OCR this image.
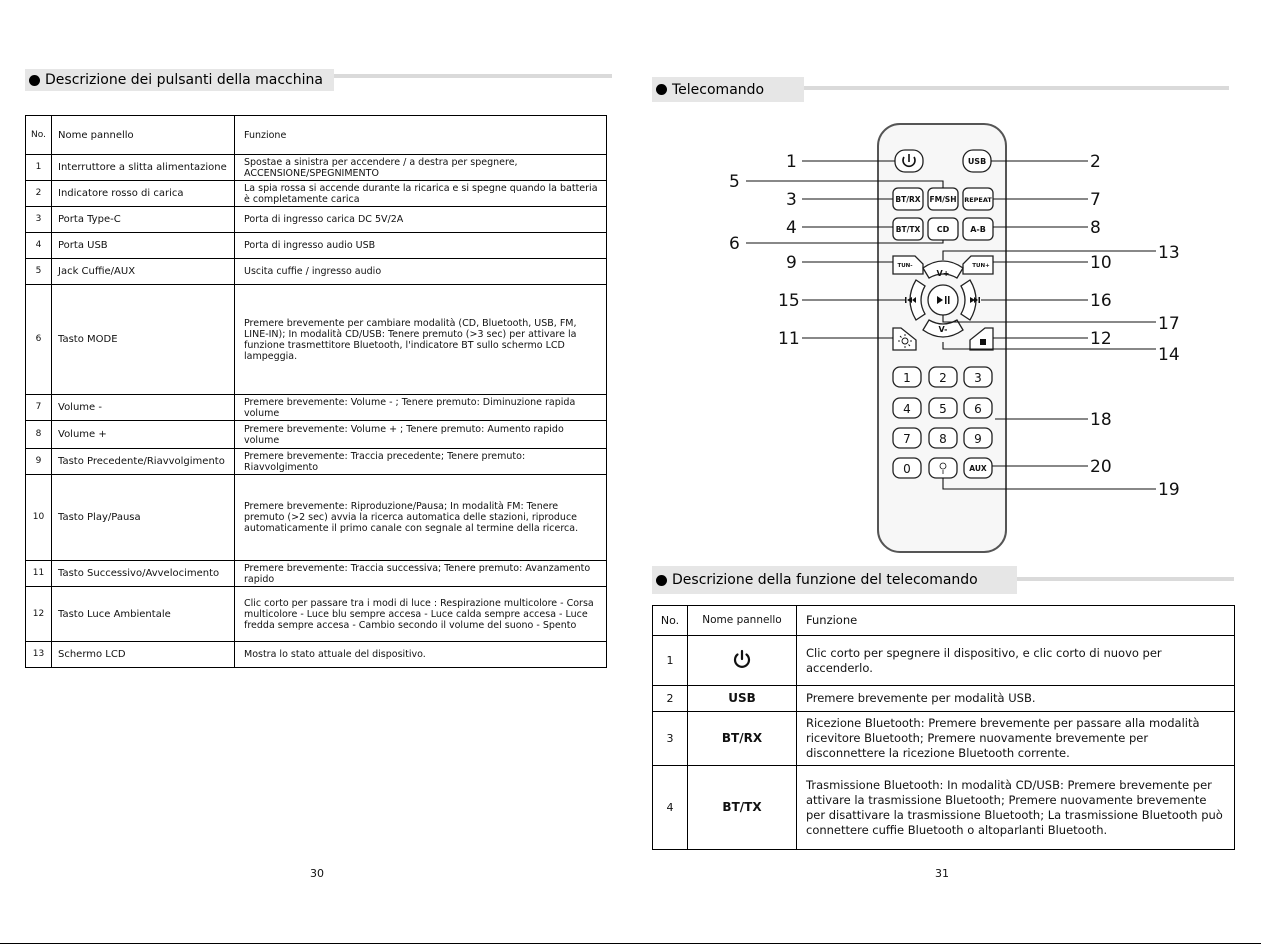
Descrizione dei pulsanti della macchina
No.	Nome pannello	Funzione
1	Interruttore a slitta alimentazione	Spostae a sinistra per accendere / a destra per spegnere, ACCENSIONE/SPEGNIMENTO
2	Indicatore rosso di carica	La spia rossa si accende durante la ricarica e si spegne quando la batteria è completamente carica
3	Porta Type-C	Porta di ingresso carica DC 5V/2A
4	Porta USB	Porta di ingresso audio USB
5	Jack Cuffie/AUX	Uscita cuffie / ingresso audio
6	Tasto MODE	Premere brevemente per cambiare modalità (CD, Bluetooth, USB, FM, LINE-IN); In modalità CD/USB: Tenere premuto (>3 sec) per attivare la funzione trasmettitore Bluetooth, l'indicatore BT sullo schermo LCD lampeggia.
7	Volume -	Premere brevemente: Volume - ; Tenere premuto: Diminuzione rapida volume
8	Volume +	Premere brevemente: Volume + ; Tenere premuto: Aumento rapido volume
9	Tasto Precedente/Riavvolgimento	Premere brevemente: Traccia precedente; Tenere premuto: Riavvolgimento
10	Tasto Play/Pausa	Premere brevemente: Riproduzione/Pausa; In modalità FM: Tenere premuto (>2 sec) avvia la ricerca automatica delle stazioni, riproduce automaticamente il primo canale con segnale al termine della ricerca.
11	Tasto Successivo/Avvelocimento	Premere brevemente: Traccia successiva; Tenere premuto: Avanzamento rapido
12	Tasto Luce Ambientale	Clic corto per passare tra i modi di luce : Respirazione multicolore - Corsa multicolore - Luce blu sempre accesa - Luce calda sempre accesa - Luce fredda sempre accesa - Cambio secondo il volume del suono - Spento
13	Schermo LCD	Mostra lo stato attuale del dispositivo.
30
Telecomando
USB
BT/RX FM/SH REPEAT
BT/TX CD	A-B
TUN-	TUN+
V+
V-
AUX
1 2 3
4 5 6
7 8 9
0
1	2
3
4
5
6
7
8
9	10
11	12
13
14
15	16
17
18
19
20
Descrizione della funzione del telecomando
No.	Nome pannello	Funzione
1		Clic corto per spegnere il dispositivo, e clic corto di nuovo per accenderlo.
2	USB	Premere brevemente per modalità USB.
3	BT/RX	Ricezione Bluetooth: Premere brevemente per passare alla modalità ricevitore Bluetooth; Premere nuovamente brevemente per disconnettere la ricezione Bluetooth corrente.
4	BT/TX	Trasmissione Bluetooth: In modalità CD/USB: Premere brevemente per attivare la trasmissione Bluetooth; Premere nuovamente brevemente per disattivare la trasmissione Bluetooth; La trasmissione Bluetooth può connettere cuffie Bluetooth o altoparlanti Bluetooth.
31
